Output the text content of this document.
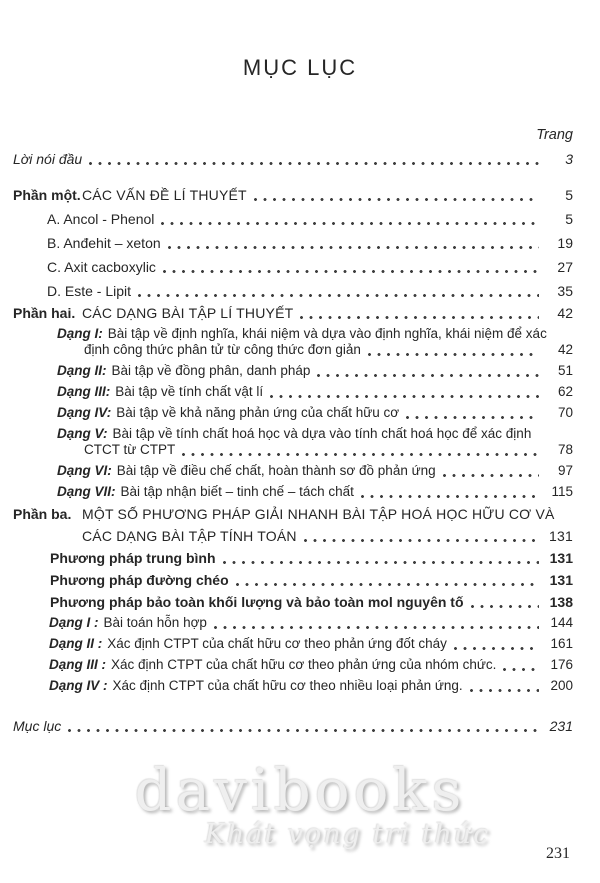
MỤC LỤC
Trang
Lời nói đầu	3
Phần một. CÁC VẤN ĐỀ LÍ THUYẾT	5
A. Ancol - Phenol	5
B. Anđehit – xeton	19
C. Axit cacboxylic	27
D. Este - Lipit	35
Phần hai. CÁC DẠNG BÀI TẬP LÍ THUYẾT	42
Dạng I: Bài tập về định nghĩa, khái niệm và dựa vào định nghĩa, khái niệm để xác
định công thức phân tử từ công thức đơn giản	42
Dạng II: Bài tập về đồng phân, danh pháp	51
Dạng III: Bài tập về tính chất vật lí	62
Dạng IV: Bài tập về khả năng phản ứng của chất hữu cơ	70
Dạng V: Bài tập về tính chất hoá học và dựa vào tính chất hoá học để xác định
CTCT từ CTPT	78
Dạng VI: Bài tập về điều chế chất, hoàn thành sơ đồ phản ứng	97
Dạng VII: Bài tập nhận biết – tinh chế – tách chất	115
Phần ba. MỘT SỐ PHƯƠNG PHÁP GIẢI NHANH BÀI TẬP HOÁ HỌC HỮU CƠ VÀ
CÁC DẠNG BÀI TẬP TÍNH TOÁN	131
Phương pháp trung bình	131
Phương pháp đường chéo	131
Phương pháp bảo toàn khối lượng và bảo toàn mol nguyên tố	138
Dạng I : Bài toán hỗn hợp	144
Dạng II : Xác định CTPT của chất hữu cơ theo phản ứng đốt cháy	161
Dạng III : Xác định CTPT của chất hữu cơ theo phản ứng của nhóm chức.	176
Dạng IV : Xác định CTPT của chất hữu cơ theo nhiều loại phản ứng.	200
Mục lục	231
davibooks
Khát vọng tri thức
231
